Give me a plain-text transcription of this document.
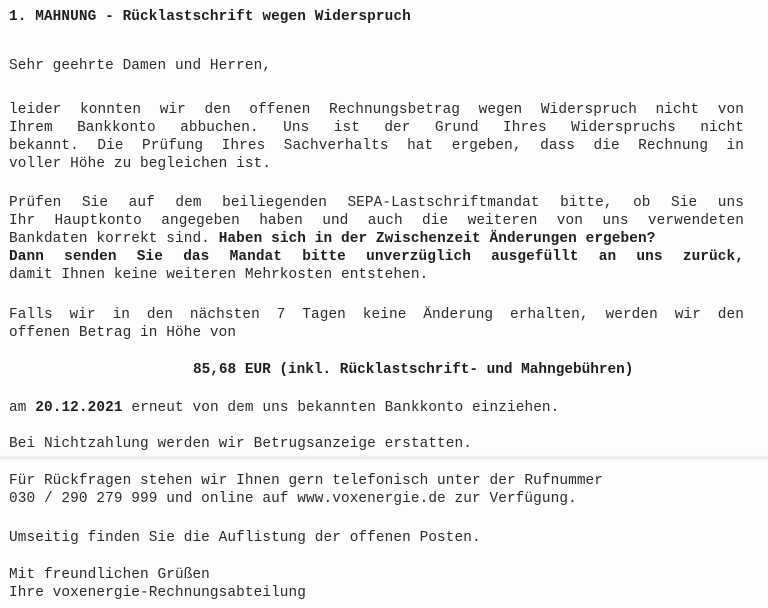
1. MAHNUNG - Rücklastschrift wegen Widerspruch
Sehr geehrte Damen und Herren,
leider konnten wir den offenen Rechnungsbetrag wegen Widerspruch nicht von
Ihrem Bankkonto abbuchen. Uns ist der Grund Ihres Widerspruchs nicht
bekannt. Die Prüfung Ihres Sachverhalts hat ergeben, dass die Rechnung in
voller Höhe zu begleichen ist.
Prüfen Sie auf dem beiliegenden SEPA-Lastschriftmandat bitte, ob Sie uns
Ihr Hauptkonto angegeben haben und auch die weiteren von uns verwendeten
Bankdaten korrekt sind. Haben sich in der Zwischenzeit Änderungen ergeben?
Dann senden Sie das Mandat bitte unverzüglich ausgefüllt an uns zurück,
damit Ihnen keine weiteren Mehrkosten entstehen.
Falls wir in den nächsten 7 Tagen keine Änderung erhalten, werden wir den
offenen Betrag in Höhe von
85,68 EUR (inkl. Rücklastschrift- und Mahngebühren)
am 20.12.2021 erneut von dem uns bekannten Bankkonto einziehen.
Bei Nichtzahlung werden wir Betrugsanzeige erstatten.
Für Rückfragen stehen wir Ihnen gern telefonisch unter der Rufnummer
030 / 290 279 999 und online auf www.voxenergie.de zur Verfügung.
Umseitig finden Sie die Auflistung der offenen Posten.
Mit freundlichen Grüßen
Ihre voxenergie-Rechnungsabteilung
